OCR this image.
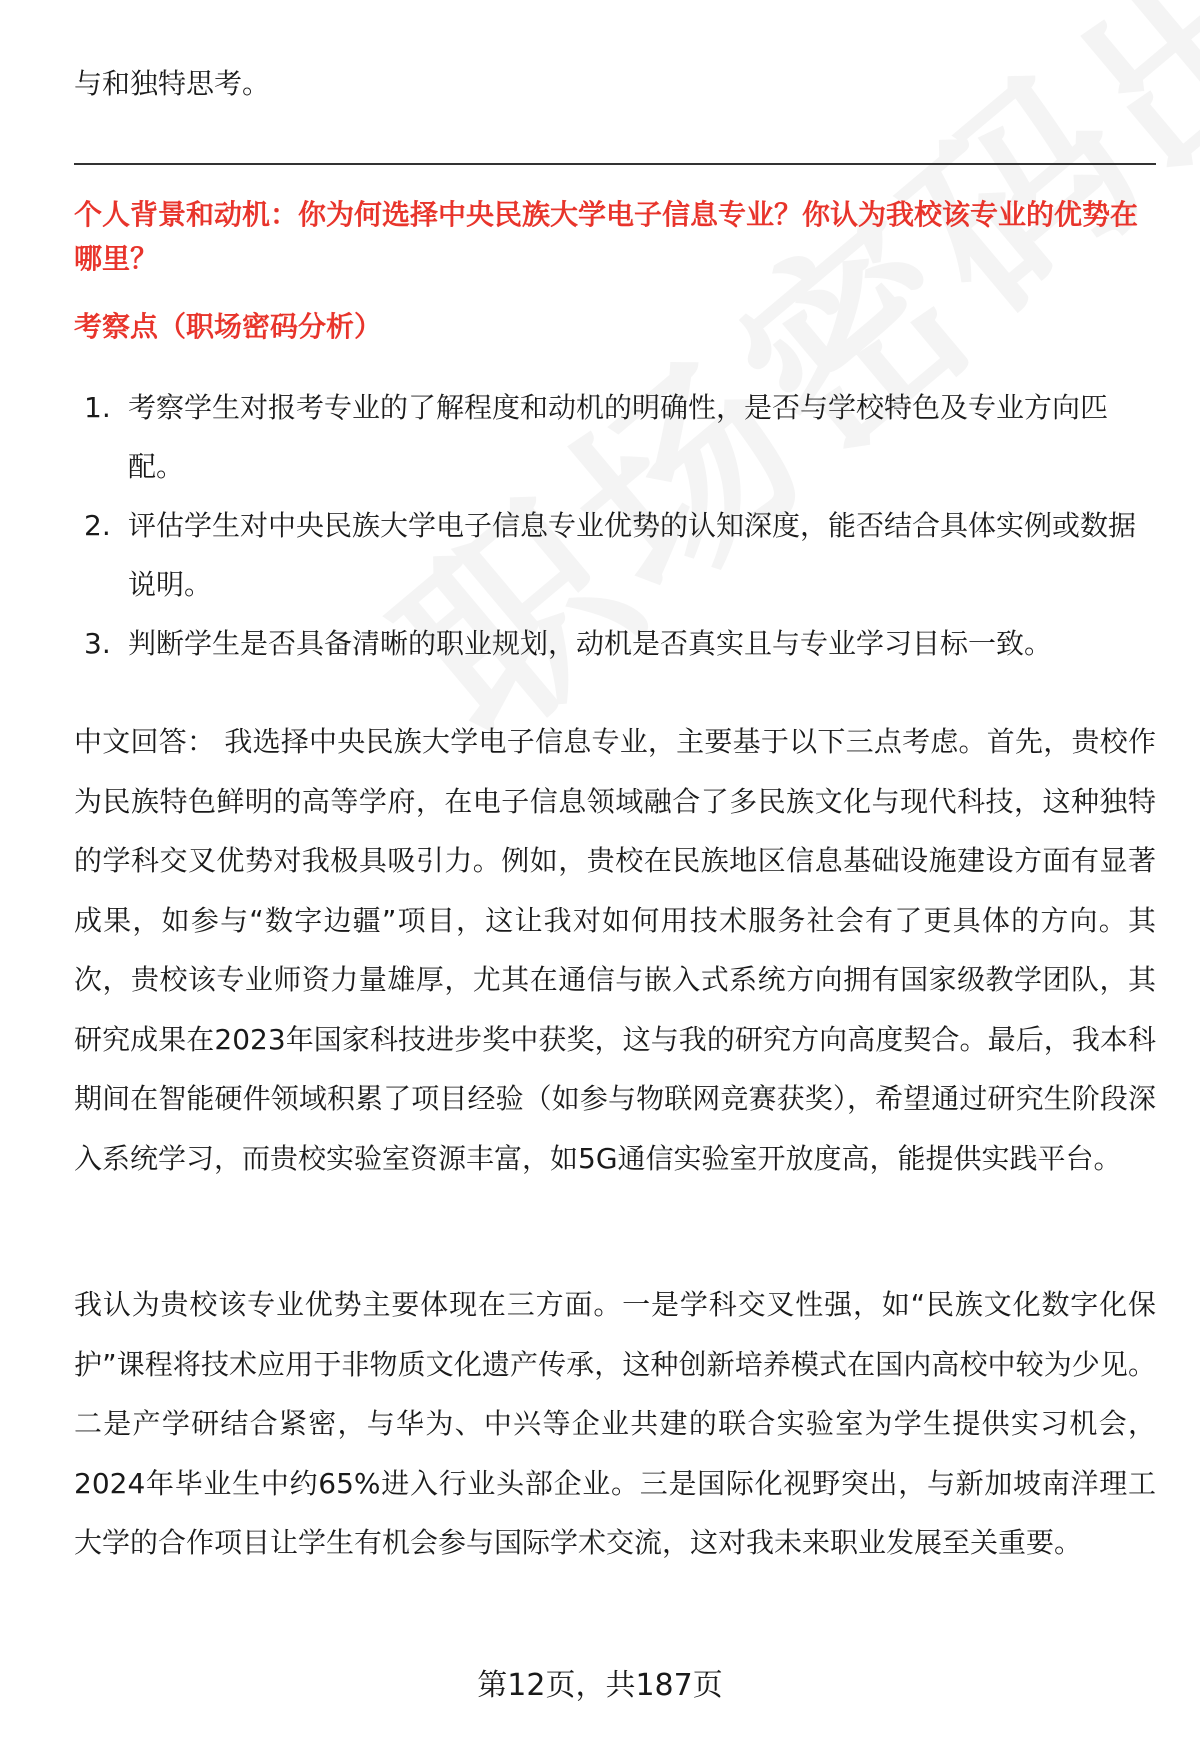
与和独特思考。
个人背景和动机：你为何选择中央民族大学电子信息专业？你认为我校该专业的优势在哪里？
考察点（职场密码分析）
1. 考察学生对报考专业的了解程度和动机的明确性，是否与学校特色及专业方向匹配。
2. 评估学生对中央民族大学电子信息专业优势的认知深度，能否结合具体实例或数据说明。
3. 判断学生是否具备清晰的职业规划，动机是否真实且与专业学习目标一致。

中文回答： 我选择中央民族大学电子信息专业，主要基于以下三点考虑。首先，贵校作为民族特色鲜明的高等学府，在电子信息领域融合了多民族文化与现代科技，这种独特的学科交叉优势对我极具吸引力。例如，贵校在民族地区信息基础设施建设方面有显著成果，如参与“数字边疆”项目，这让我对如何用技术服务社会有了更具体的方向。其次，贵校该专业师资力量雄厚，尤其在通信与嵌入式系统方向拥有国家级教学团队，其研究成果在2023年国家科技进步奖中获奖，这与我的研究方向高度契合。最后，我本科期间在智能硬件领域积累了项目经验（如参与物联网竞赛获奖），希望通过研究生阶段深入系统学习，而贵校实验室资源丰富，如5G通信实验室开放度高，能提供实践平台。

我认为贵校该专业优势主要体现在三方面。一是学科交叉性强，如“民族文化数字化保护”课程将技术应用于非物质文化遗产传承，这种创新培养模式在国内高校中较为少见。二是产学研结合紧密，与华为、中兴等企业共建的联合实验室为学生提供实习机会，2024年毕业生中约65%进入行业头部企业。三是国际化视野突出，与新加坡南洋理工大学的合作项目让学生有机会参与国际学术交流，这对我未来职业发展至关重要。

第12页，共187页
